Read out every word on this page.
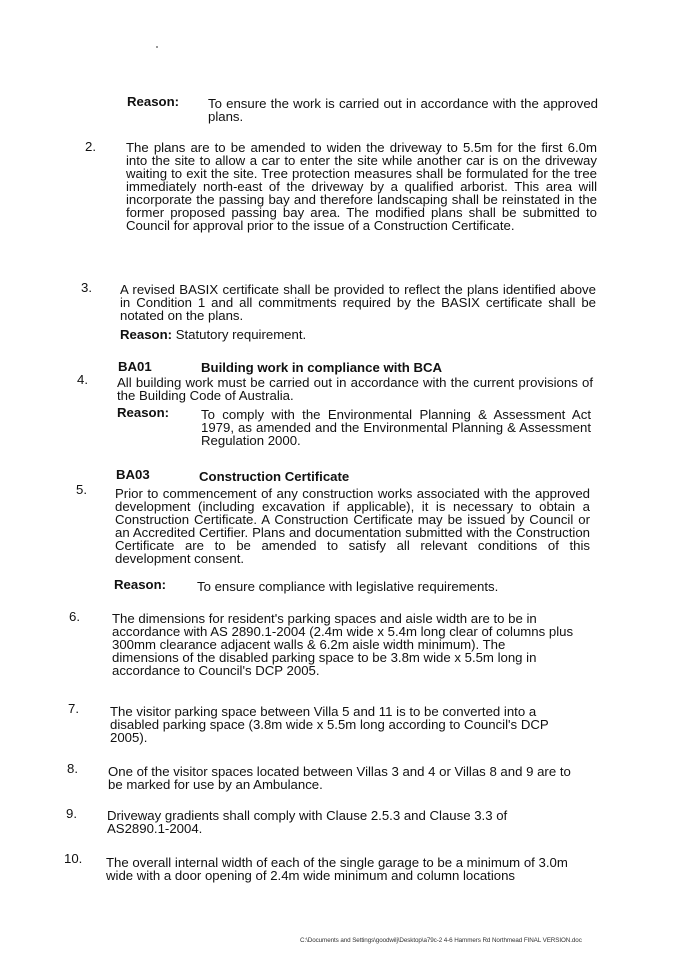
Reason: To ensure the work is carried out in accordance with the approved plans.
2. The plans are to be amended to widen the driveway to 5.5m for the first 6.0m into the site to allow a car to enter the site while another car is on the driveway waiting to exit the site. Tree protection measures shall be formulated for the tree immediately north-east of the driveway by a qualified arborist. This area will incorporate the passing bay and therefore landscaping shall be reinstated in the former proposed passing bay area. The modified plans shall be submitted to Council for approval prior to the issue of a Construction Certificate.
3. A revised BASIX certificate shall be provided to reflect the plans identified above in Condition 1 and all commitments required by the BASIX certificate shall be notated on the plans.
Reason: Statutory requirement.
BA01	Building work in compliance with BCA
4. All building work must be carried out in accordance with the current provisions of the Building Code of Australia.
Reason: To comply with the Environmental Planning & Assessment Act 1979, as amended and the Environmental Planning & Assessment Regulation 2000.
BA03	Construction Certificate
5. Prior to commencement of any construction works associated with the approved development (including excavation if applicable), it is necessary to obtain a Construction Certificate. A Construction Certificate may be issued by Council or an Accredited Certifier. Plans and documentation submitted with the Construction Certificate are to be amended to satisfy all relevant conditions of this development consent.
Reason: To ensure compliance with legislative requirements.
6. The dimensions for resident's parking spaces and aisle width are to be in accordance with AS 2890.1-2004 (2.4m wide x 5.4m long clear of columns plus 300mm clearance adjacent walls & 6.2m aisle width minimum). The dimensions of the disabled parking space to be 3.8m wide x 5.5m long in accordance to Council's DCP 2005.
7. The visitor parking space between Villa 5 and 11 is to be converted into a disabled parking space (3.8m wide x 5.5m long according to Council's DCP 2005).
8. One of the visitor spaces located between Villas 3 and 4 or Villas 8 and 9 are to be marked for use by an Ambulance.
9. Driveway gradients shall comply with Clause 2.5.3 and Clause 3.3 of AS2890.1-2004.
10. The overall internal width of each of the single garage to be a minimum of 3.0m wide with a door opening of 2.4m wide minimum and column locations
C:\Documents and Settings\goodwilj\Desktop\a79c-2 4-6 Hammers Rd Northmead FINAL VERSION.doc
